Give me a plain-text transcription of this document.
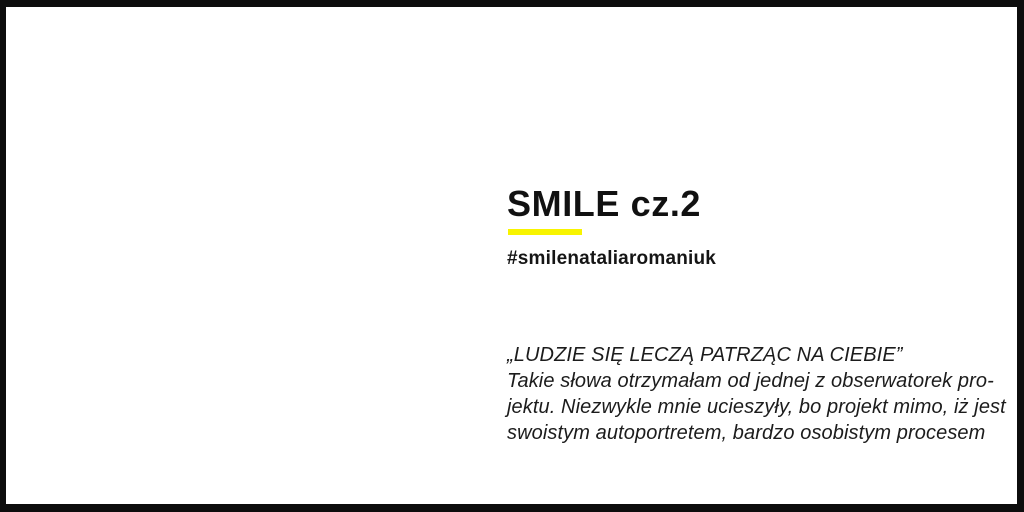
SMILE cz.2
#smilenataliaromaniuk
„LUDZIE SIĘ LECZĄ PATRZĄC NA CIEBIE”
Takie słowa otrzymałam od jednej z obserwatorek pro-
jektu. Niezwykle mnie ucieszyły, bo projekt mimo, iż jest
swoistym autoportretem, bardzo osobistym procesem
